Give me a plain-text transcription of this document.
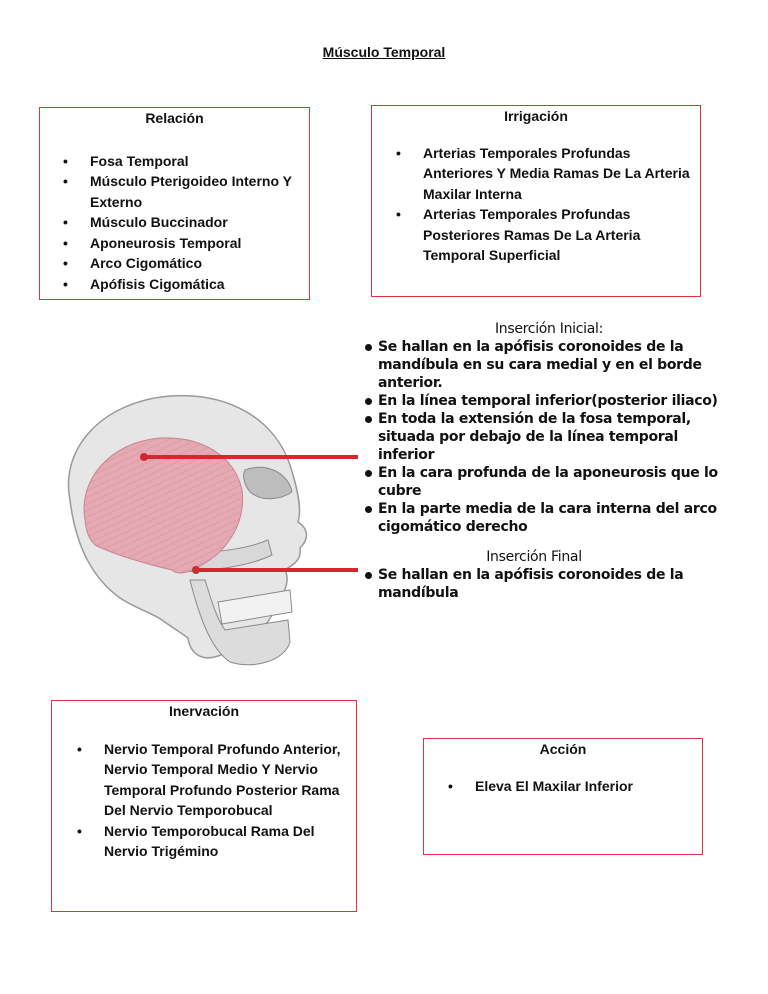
Músculo Temporal
Relación
• Fosa Temporal
• Músculo Pterigoideo Interno Y Externo
• Músculo Buccinador
• Aponeurosis Temporal
• Arco Cigomático
• Apófisis Cigomática
Irrigación
• Arterias Temporales Profundas Anteriores Y Media Ramas De La Arteria Maxilar Interna
• Arterias Temporales Profundas Posteriores Ramas De La Arteria Temporal Superficial
Inserción Inicial:
Se hallan en la apófisis coronoides de la mandíbula en su cara medial y en el borde anterior.
En la línea temporal inferior(posterior iliaco)
En toda la extensión de la fosa temporal, situada por debajo de la línea temporal inferior
En la cara profunda de la aponeurosis que lo cubre
En la parte media de la cara interna del arco cigomático derecho
Inserción Final
Se hallan en la apófisis coronoides de la mandíbula
Inervación
• Nervio Temporal Profundo Anterior, Nervio Temporal Medio Y Nervio Temporal Profundo Posterior Rama Del Nervio Temporobucal
• Nervio Temporobucal Rama Del Nervio Trigémino
Acción
• Eleva El Maxilar Inferior
